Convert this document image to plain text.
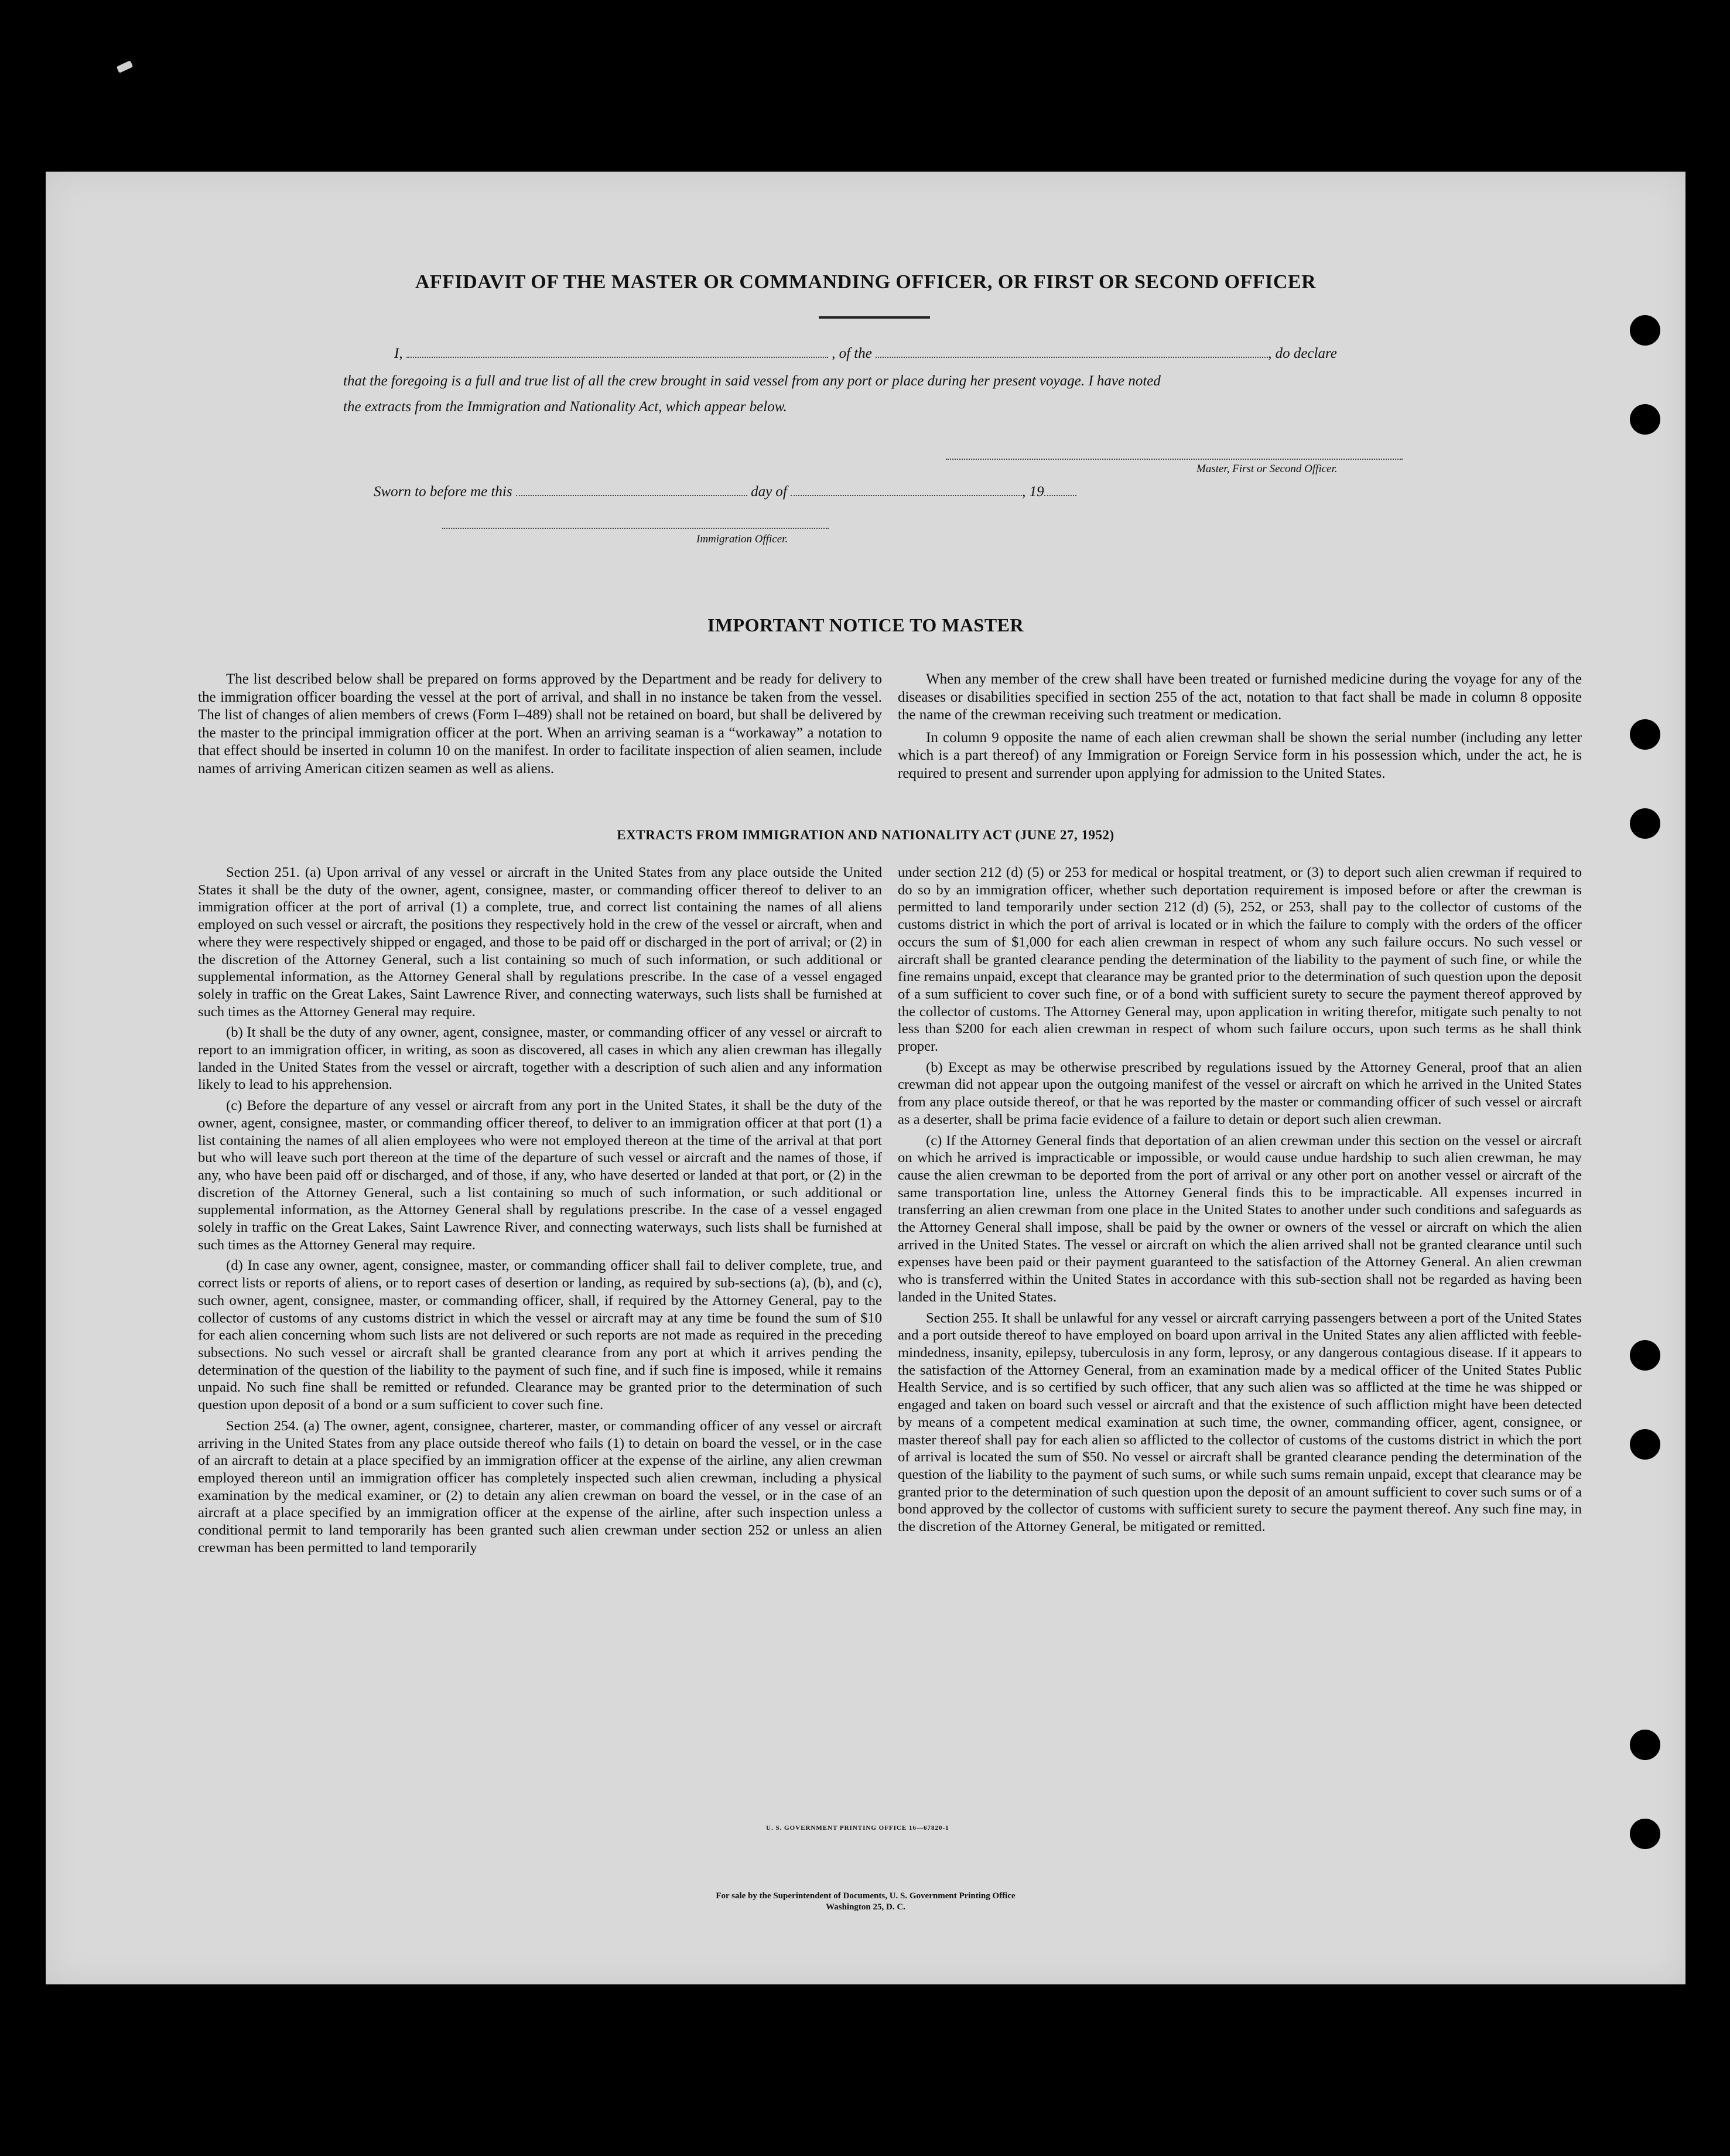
AFFIDAVIT OF THE MASTER OR COMMANDING OFFICER, OR FIRST OR SECOND OFFICER
I,	, of the	, do declare
that the foregoing is a full and true list of all the crew brought in said vessel from any port or place during her present voyage. I have noted
the extracts from the Immigration and Nationality Act, which appear below.
Master, First or Second Officer.
Sworn to before me this	day of	, 19
Immigration Officer.
IMPORTANT NOTICE TO MASTER

The list described below shall be prepared on forms approved by the Department and be ready for delivery to the immigration officer boarding the vessel at the port of arrival, and shall in no instance be taken from the vessel. The list of changes of alien members of crews (Form I–489) shall not be retained on board, but shall be delivered by the master to the principal immigration officer at the port. When an arriving seaman is a “workaway” a notation to that effect should be inserted in column 10 on the manifest. In order to facilitate inspection of alien seamen, include names of arriving American citizen seamen as well as aliens.

When any member of the crew shall have been treated or furnished medicine during the voyage for any of the diseases or disabilities specified in section 255 of the act, notation to that fact shall be made in column 8 opposite the name of the crewman receiving such treatment or medication.

In column 9 opposite the name of each alien crewman shall be shown the serial number (including any letter which is a part thereof) of any Immigration or Foreign Service form in his possession which, under the act, he is required to present and surrender upon applying for admission to the United States.

EXTRACTS FROM IMMIGRATION AND NATIONALITY ACT (JUNE 27, 1952)

Section 251. (a) Upon arrival of any vessel or aircraft in the United States from any place outside the United States it shall be the duty of the owner, agent, consignee, master, or commanding officer thereof to deliver to an immigration officer at the port of arrival (1) a complete, true, and correct list containing the names of all aliens employed on such vessel or aircraft, the positions they respectively hold in the crew of the vessel or aircraft, when and where they were respectively shipped or engaged, and those to be paid off or discharged in the port of arrival; or (2) in the discretion of the Attorney General, such a list containing so much of such information, or such additional or supplemental information, as the Attorney General shall by regulations prescribe. In the case of a vessel engaged solely in traffic on the Great Lakes, Saint Lawrence River, and connecting waterways, such lists shall be furnished at such times as the Attorney General may require.

(b) It shall be the duty of any owner, agent, consignee, master, or commanding officer of any vessel or aircraft to report to an immigration officer, in writing, as soon as discovered, all cases in which any alien crewman has illegally landed in the United States from the vessel or aircraft, together with a description of such alien and any information likely to lead to his apprehension.

(c) Before the departure of any vessel or aircraft from any port in the United States, it shall be the duty of the owner, agent, consignee, master, or commanding officer thereof, to deliver to an immigration officer at that port (1) a list containing the names of all alien employees who were not employed thereon at the time of the arrival at that port but who will leave such port thereon at the time of the departure of such vessel or aircraft and the names of those, if any, who have been paid off or discharged, and of those, if any, who have deserted or landed at that port, or (2) in the discretion of the Attorney General, such a list containing so much of such information, or such additional or supplemental information, as the Attorney General shall by regulations prescribe. In the case of a vessel engaged solely in traffic on the Great Lakes, Saint Lawrence River, and connecting waterways, such lists shall be furnished at such times as the Attorney General may require.

(d) In case any owner, agent, consignee, master, or commanding officer shall fail to deliver complete, true, and correct lists or reports of aliens, or to report cases of desertion or landing, as required by sub-sections (a), (b), and (c), such owner, agent, consignee, master, or commanding officer, shall, if required by the Attorney General, pay to the collector of customs of any customs district in which the vessel or aircraft may at any time be found the sum of $10 for each alien concerning whom such lists are not delivered or such reports are not made as required in the preceding subsections. No such vessel or aircraft shall be granted clearance from any port at which it arrives pending the determination of the question of the liability to the payment of such fine, and if such fine is imposed, while it remains unpaid. No such fine shall be remitted or refunded. Clearance may be granted prior to the determination of such question upon deposit of a bond or a sum sufficient to cover such fine.

Section 254. (a) The owner, agent, consignee, charterer, master, or commanding officer of any vessel or aircraft arriving in the United States from any place outside thereof who fails (1) to detain on board the vessel, or in the case of an aircraft to detain at a place specified by an immigration officer at the expense of the airline, any alien crewman employed thereon until an immigration officer has completely inspected such alien crewman, including a physical examination by the medical examiner, or (2) to detain any alien crewman on board the vessel, or in the case of an aircraft at a place specified by an immigration officer at the expense of the airline, after such inspection unless a conditional permit to land temporarily has been granted such alien crewman under section 252 or unless an alien crewman has been permitted to land temporarily

under section 212 (d) (5) or 253 for medical or hospital treatment, or (3) to deport such alien crewman if required to do so by an immigration officer, whether such deportation requirement is imposed before or after the crewman is permitted to land temporarily under section 212 (d) (5), 252, or 253, shall pay to the collector of customs of the customs district in which the port of arrival is located or in which the failure to comply with the orders of the officer occurs the sum of $1,000 for each alien crewman in respect of whom any such failure occurs. No such vessel or aircraft shall be granted clearance pending the determination of the liability to the payment of such fine, or while the fine remains unpaid, except that clearance may be granted prior to the determination of such question upon the deposit of a sum sufficient to cover such fine, or of a bond with sufficient surety to secure the payment thereof approved by the collector of customs. The Attorney General may, upon application in writing therefor, mitigate such penalty to not less than $200 for each alien crewman in respect of whom such failure occurs, upon such terms as he shall think proper.

(b) Except as may be otherwise prescribed by regulations issued by the Attorney General, proof that an alien crewman did not appear upon the outgoing manifest of the vessel or aircraft on which he arrived in the United States from any place outside thereof, or that he was reported by the master or commanding officer of such vessel or aircraft as a deserter, shall be prima facie evidence of a failure to detain or deport such alien crewman.

(c) If the Attorney General finds that deportation of an alien crewman under this section on the vessel or aircraft on which he arrived is impracticable or impossible, or would cause undue hardship to such alien crewman, he may cause the alien crewman to be deported from the port of arrival or any other port on another vessel or aircraft of the same transportation line, unless the Attorney General finds this to be impracticable. All expenses incurred in transferring an alien crewman from one place in the United States to another under such conditions and safeguards as the Attorney General shall impose, shall be paid by the owner or owners of the vessel or aircraft on which the alien arrived in the United States. The vessel or aircraft on which the alien arrived shall not be granted clearance until such expenses have been paid or their payment guaranteed to the satisfaction of the Attorney General. An alien crewman who is transferred within the United States in accordance with this sub-section shall not be regarded as having been landed in the United States.

Section 255. It shall be unlawful for any vessel or aircraft carrying passengers between a port of the United States and a port outside thereof to have employed on board upon arrival in the United States any alien afflicted with feeble-mindedness, insanity, epilepsy, tuberculosis in any form, leprosy, or any dangerous contagious disease. If it appears to the satisfaction of the Attorney General, from an examination made by a medical officer of the United States Public Health Service, and is so certified by such officer, that any such alien was so afflicted at the time he was shipped or engaged and taken on board such vessel or aircraft and that the existence of such affliction might have been detected by means of a competent medical examination at such time, the owner, commanding officer, agent, consignee, or master thereof shall pay for each alien so afflicted to the collector of customs of the customs district in which the port of arrival is located the sum of $50. No vessel or aircraft shall be granted clearance pending the determination of the question of the liability to the payment of such sums, or while such sums remain unpaid, except that clearance may be granted prior to the determination of such question upon the deposit of an amount sufficient to cover such sums or of a bond approved by the collector of customs with sufficient surety to secure the payment thereof. Any such fine may, in the discretion of the Attorney General, be mitigated or remitted.

U. S. GOVERNMENT PRINTING OFFICE 16—67820-1
For sale by the Superintendent of Documents, U. S. Government Printing Office
Washington 25, D. C.
